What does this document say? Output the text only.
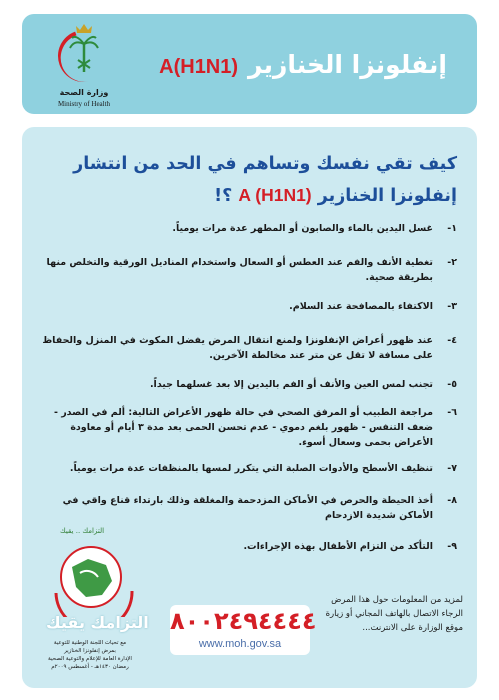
إنفلونزا الخنازيرA(H1N1)
وزارة الصحة
Ministry of Health
كيف تقي نفسك وتساهم في الحد من انتشار
إنفلونزا الخنازير A (H1N1) ؟!
١-
غسل اليدين بالماء والصابون أو المطهر عدة مرات يومياً.
٢-
تغطية الأنف والفم عند العطس أو السعال واستخدام المناديل الورقية والتخلص منها بطريقة صحية.
٣-
الاكتفاء بالمصافحة عند السلام.
٤-
عند ظهور أعراض الإنفلونزا ولمنع انتقال المرض يفضل المكوث في المنزل والحفاظ على مسافة لا تقل عن متر عند مخالطة الآخرين.
٥-
تجنب لمس العين والأنف أو الفم باليدين إلا بعد غسلهما جيداً.
٦-
مراجعة الطبيب أو المرفق الصحي في حالة ظهور الأعراض التالية: ألم في الصدر - ضعف التنفس - ظهور بلغم دموي - عدم تحسن الحمى بعد مدة ٣ أيام أو معاودة الأعراض بحمى وسعال أسوء.
٧-
تنظيف الأسطح والأدوات الصلبة التي يتكرر لمسها بالمنظفات عدة مرات يومياً.
٨-
أخذ الحيطة والحرص في الأماكن المزدحمة والمغلقة وذلك بارتداء قناع واقي في الأماكن شديدة الازدحام
٩-
التأكد من التزام الأطفال بهذه الإجراءات.
التزامك .. يقيك
التزامك يقيك
مع تحيات اللجنة الوطنية للتوعية
بمرض إنفلونزا الخنازير
الإدارة العامة للإعلام والتوعية الصحية
رمضان ١٤٣٠هـ - أغسطس ٢٠٠٩م
٨٠٠٢٤٩٤٤٤٤
www.moh.gov.sa
لمزيد من المعلومات حول هذا المرض الرجاء الاتصال بالهاتف المجاني أو زيارة موقع الوزارة على الانترنت...
